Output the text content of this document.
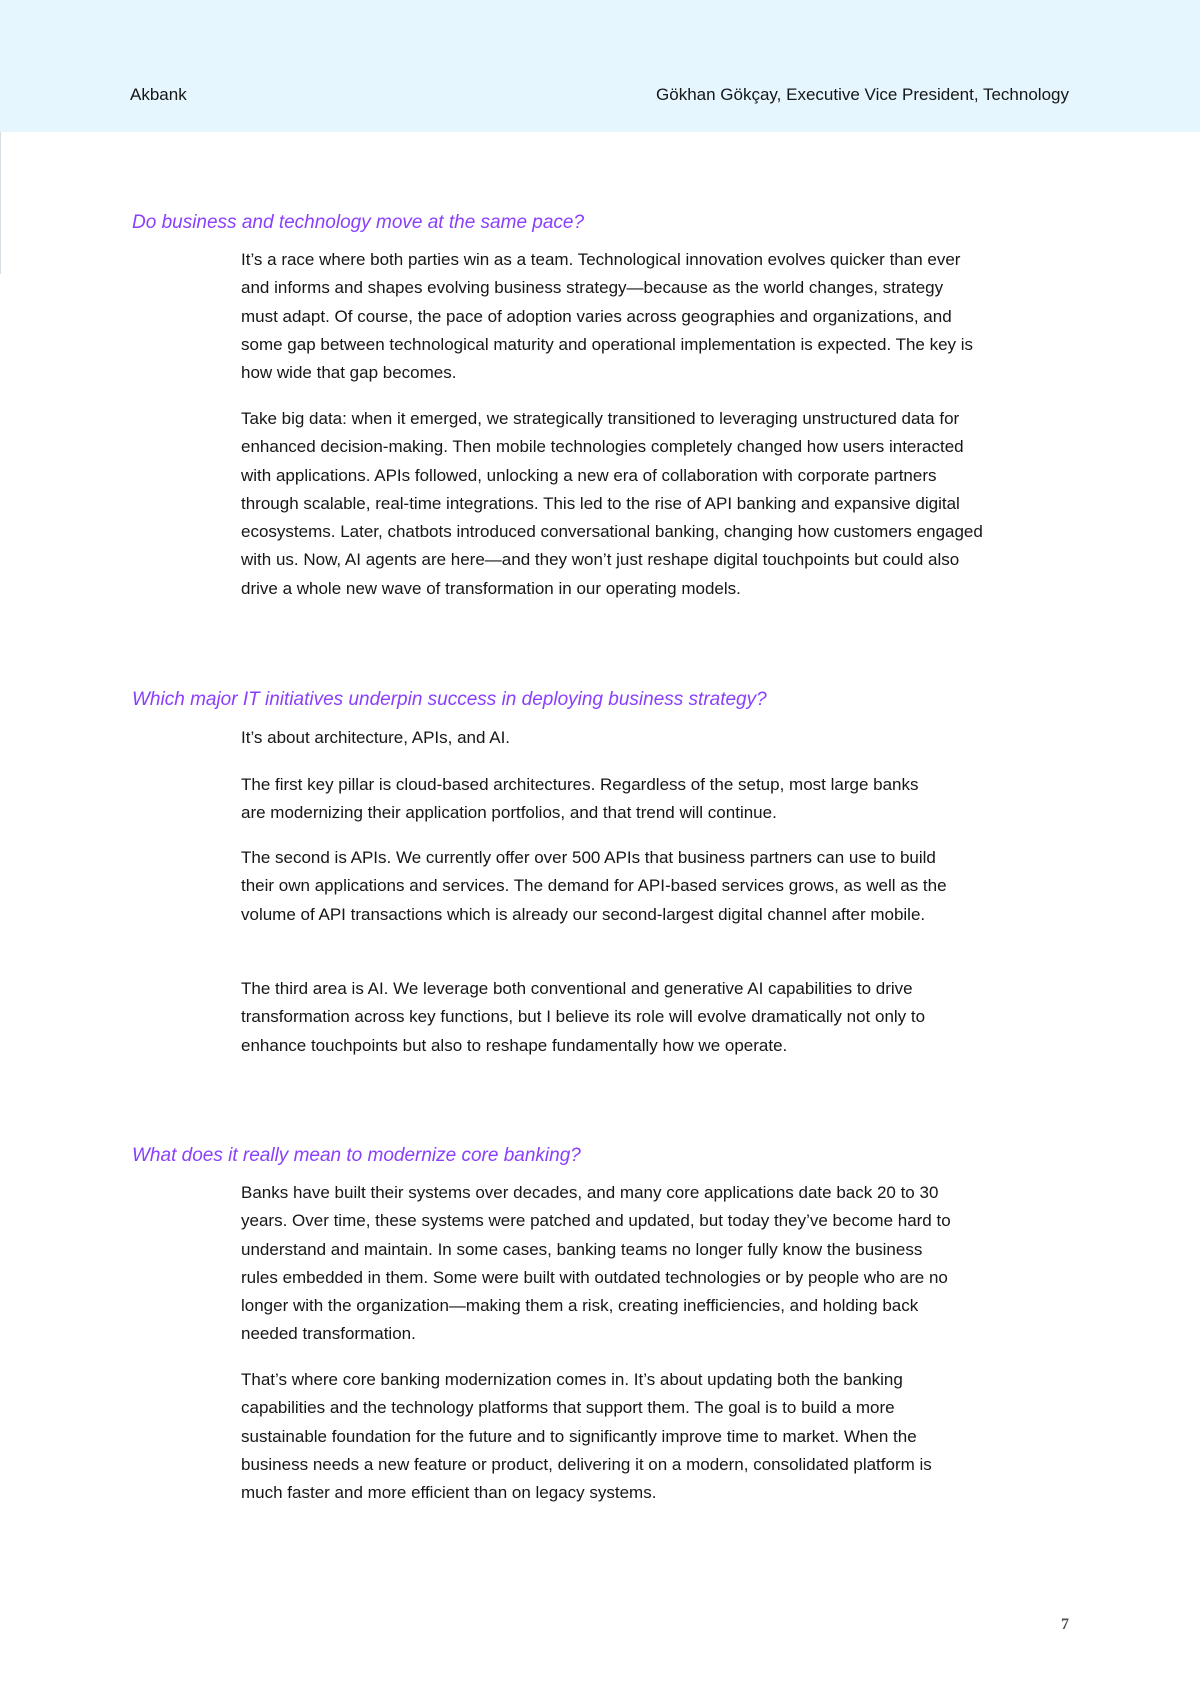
Akbank	Gökhan Gökçay, Executive Vice President, Technology
Do business and technology move at the same pace?

It’s a race where both parties win as a team. Technological innovation evolves quicker than ever and informs and shapes evolving business strategy—because as the world changes, strategy must adapt. Of course, the pace of adoption varies across geographies and organizations, and some gap between technological maturity and operational implementation is expected. The key is how wide that gap becomes.

Take big data: when it emerged, we strategically transitioned to leveraging unstructured data for enhanced decision-making. Then mobile technologies completely changed how users interacted with applications. APIs followed, unlocking a new era of collaboration with corporate partners through scalable, real-time integrations. This led to the rise of API banking and expansive digital ecosystems. Later, chatbots introduced conversational banking, changing how customers engaged with us. Now, AI agents are here—and they won’t just reshape digital touchpoints but could also drive a whole new wave of transformation in our operating models.

Which major IT initiatives underpin success in deploying business strategy?

It’s about architecture, APIs, and AI.

The first key pillar is cloud-based architectures. Regardless of the setup, most large banks are modernizing their application portfolios, and that trend will continue.

The second is APIs. We currently offer over 500 APIs that business partners can use to build their own applications and services. The demand for API-based services grows, as well as the volume of API transactions which is already our second-largest digital channel after mobile.

The third area is AI. We leverage both conventional and generative AI capabilities to drive transformation across key functions, but I believe its role will evolve dramatically not only to enhance touchpoints but also to reshape fundamentally how we operate.

What does it really mean to modernize core banking?

Banks have built their systems over decades, and many core applications date back 20 to 30 years. Over time, these systems were patched and updated, but today they’ve become hard to understand and maintain. In some cases, banking teams no longer fully know the business rules embedded in them. Some were built with outdated technologies or by people who are no longer with the organization—making them a risk, creating inefficiencies, and holding back needed transformation.

That’s where core banking modernization comes in. It’s about updating both the banking capabilities and the technology platforms that support them. The goal is to build a more sustainable foundation for the future and to significantly improve time to market. When the business needs a new feature or product, delivering it on a modern, consolidated platform is much faster and more efficient than on legacy systems.

7
